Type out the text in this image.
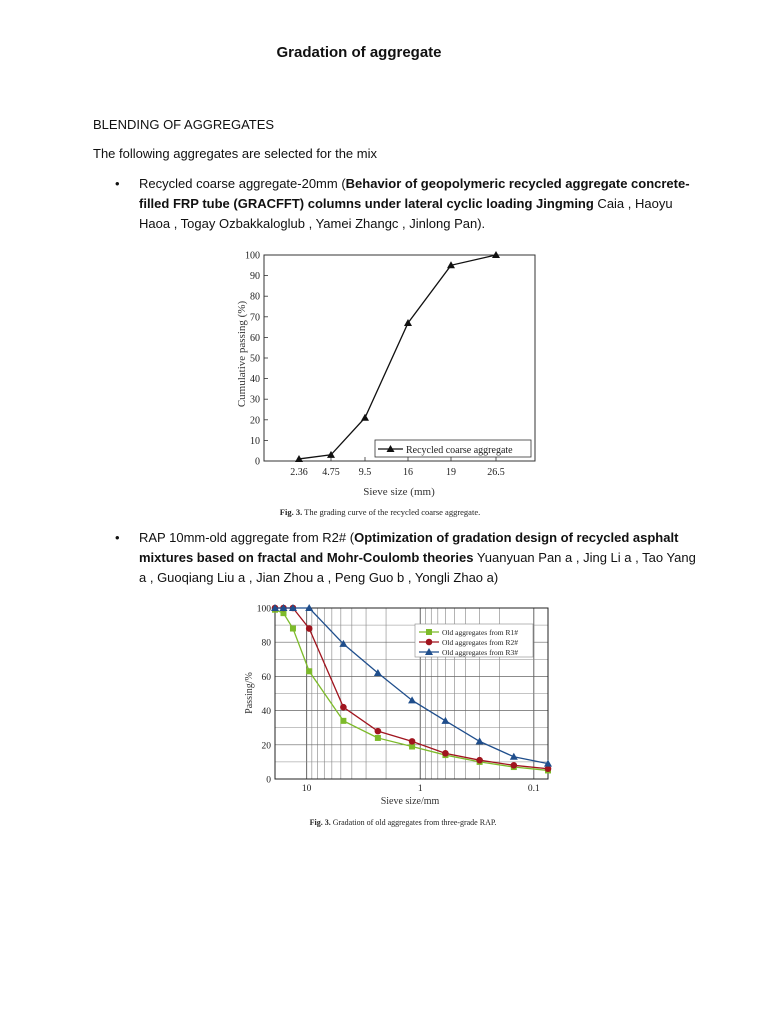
Gradation of aggregate
BLENDING OF AGGREGATES
The following aggregates are selected for the mix
• Recycled coarse aggregate-20mm (Behavior of geopolymeric recycled aggregate concrete-filled FRP tube (GRACFFT) columns under lateral cyclic loading Jingming Caia , Haoyu Haoa , Togay Ozbakkaloglub , Yamei Zhangc , Jinlong Pan).
Cumulative passing (%)
Sieve size (mm)
Fig. 3. The grading curve of the recycled coarse aggregate.
0
10
20
30
40
50
60
70
80
90
100
2.36 4.75 9.5	16	19	26.5
Recycled coarse aggregate
• RAP 10mm-old aggregate from R2# (Optimization of gradation design of recycled asphalt mixtures based on fractal and Mohr-Coulomb theories Yuanyuan Pan a , Jing Li a , Tao Yang a , Guoqiang Liu a , Jian Zhou a , Peng Guo b , Yongli Zhao a)
Passing/%
Sieve size/mm
Fig. 3. Gradation of old aggregates from three-grade RAP.
0
20
40
60
80
100
10	1	0.1
Old aggregates from R1#
Old aggregates from R2#
Old aggregates from R3#
